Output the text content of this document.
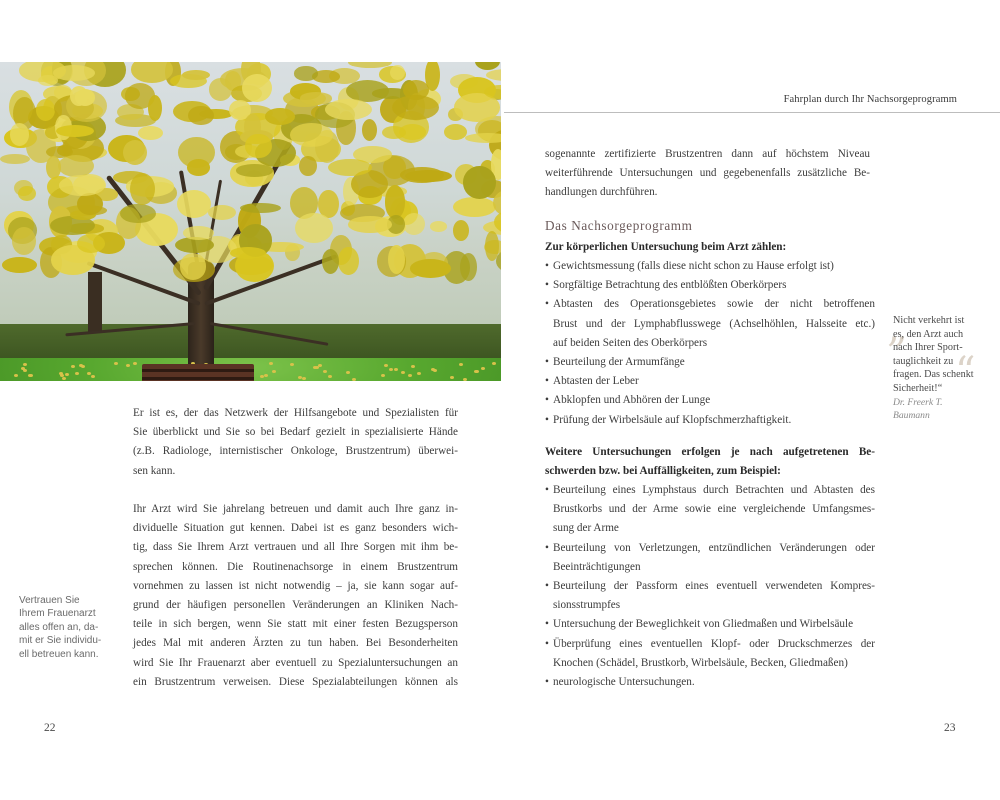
Fahrplan durch Ihr Nachsorgeprogramm
Er ist es, der das Netzwerk der Hilfsangebote und Spezialisten für
Sie überblickt und Sie so bei Bedarf gezielt in spezialisierte Hände
(z.B. Radiologe, internistischer Onkologe, Brustzentrum) überwei-
sen kann.
Ihr Arzt wird Sie jahrelang betreuen und damit auch Ihre ganz in-
dividuelle Situation gut kennen. Dabei ist es ganz besonders wich-
tig, dass Sie Ihrem Arzt vertrauen und all Ihre Sorgen mit ihm be-
sprechen können. Die Routinenachsorge in einem Brustzentrum
vornehmen zu lassen ist nicht notwendig – ja, sie kann sogar auf-
grund der häufigen personellen Veränderungen an Kliniken Nach-
teile in sich bergen, wenn Sie statt mit einer festen Bezugsperson
jedes Mal mit anderen Ärzten zu tun haben. Bei Besonderheiten
wird Sie Ihr Frauenarzt aber eventuell zu Spezialuntersuchungen an
ein Brustzentrum verweisen. Diese Spezialabteilungen können als
Vertrauen Sie
Ihrem Frauenarzt
alles offen an, da-
mit er Sie individu-
ell betreuen kann.
22
sogenannte zertifizierte Brustzentren dann auf höchstem Niveau
weiterführende Untersuchungen und gegebenenfalls zusätzliche Be-
handlungen durchführen.
Das Nachsorgeprogramm
Zur körperlichen Untersuchung beim Arzt zählen:
• Gewichtsmessung (falls diese nicht schon zu Hause erfolgt ist)
• Sorgfältige Betrachtung des entblößten Oberkörpers
• Abtasten des Operationsgebietes sowie der nicht betroffenen
Brust und der Lymphabflusswege (Achselhöhlen, Halsseite etc.)
auf beiden Seiten des Oberkörpers
• Beurteilung der Armumfänge
• Abtasten der Leber
• Abklopfen und Abhören der Lunge
• Prüfung der Wirbelsäule auf Klopfschmerzhaftigkeit.
Weitere Untersuchungen erfolgen je nach aufgetretenen Be-
schwerden bzw. bei Auffälligkeiten, zum Beispiel:
• Beurteilung eines Lymphstaus durch Betrachten und Abtasten des
Brustkorbs und der Arme sowie eine vergleichende Umfangsmes-
sung der Arme
• Beurteilung von Verletzungen, entzündlichen Veränderungen oder
Beeinträchtigungen
• Beurteilung der Passform eines eventuell verwendeten Kompres-
sionsstrumpfes
• Untersuchung der Beweglichkeit von Gliedmaßen und Wirbelsäule
• Überprüfung eines eventuellen Klopf- oder Druckschmerzes der
Knochen (Schädel, Brustkorb, Wirbelsäule, Becken, Gliedmaßen)
• neurologische Untersuchungen.
„
“
Nicht verkehrt ist
es, den Arzt auch
nach Ihrer Sport-
tauglichkeit zu
fragen. Das schenkt
Sicherheit!“
Dr. Freerk T.
Baumann
23
